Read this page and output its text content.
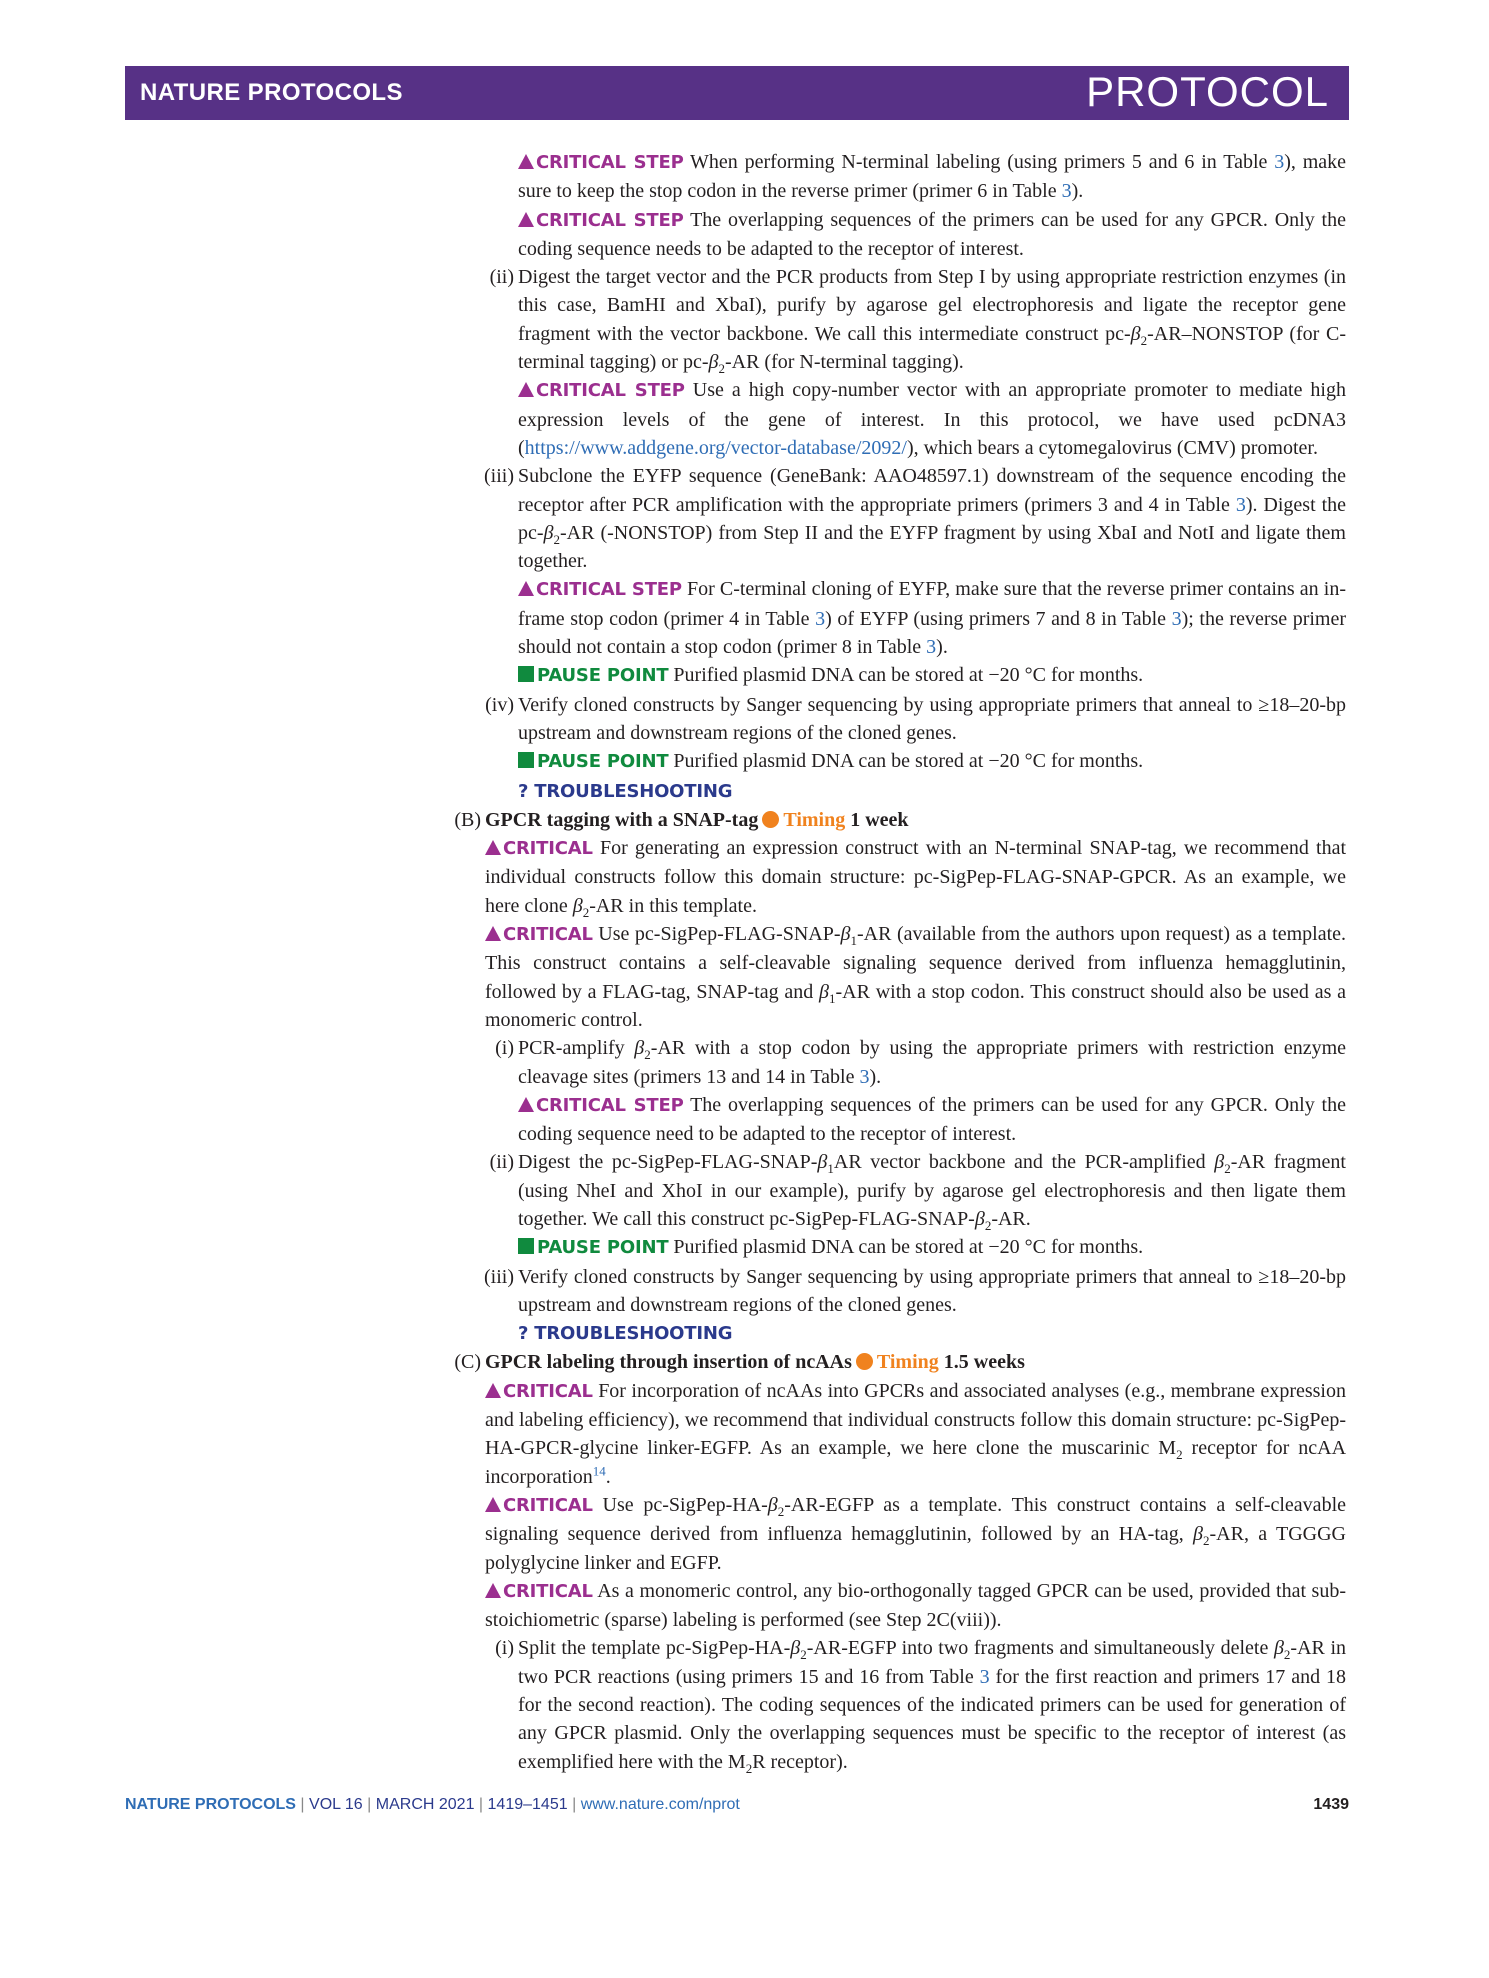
NATURE PROTOCOLS	PROTOCOL
CRITICAL STEP When performing N-terminal labeling (using primers 5 and 6 in Table 3), make sure to keep the stop codon in the reverse primer (primer 6 in Table 3).
CRITICAL STEP The overlapping sequences of the primers can be used for any GPCR. Only the coding sequence needs to be adapted to the receptor of interest.
(ii) Digest the target vector and the PCR products from Step I by using appropriate restriction enzymes (in this case, BamHI and XbaI), purify by agarose gel electrophoresis and ligate the receptor gene fragment with the vector backbone. We call this intermediate construct $pc-\beta_2-AR$–NONSTOP (for C-terminal tagging) or $pc-\beta_2-AR$ (for N-terminal tagging).
CRITICAL STEP Use a high copy-number vector with an appropriate promoter to mediate high expression levels of the gene of interest. In this protocol, we have used pcDNA3 (https://www.addgene.org/vector-database/2092/), which bears a cytomegalovirus (CMV) promoter.
(iii) Subclone the EYFP sequence (GeneBank: AAO48597.1) downstream of the sequence encoding the receptor after PCR amplification with the appropriate primers (primers 3 and 4 in Table 3). Digest the $pc-\beta_2-AR$ (-NONSTOP) from Step II and the EYFP fragment by using XbaI and NotI and ligate them together.
CRITICAL STEP For C-terminal cloning of EYFP, make sure that the reverse primer contains an in-frame stop codon (primer 4 in Table 3) of EYFP (using primers 7 and 8 in Table 3); the reverse primer should not contain a stop codon (primer 8 in Table 3).
PAUSE POINT Purified plasmid DNA can be stored at −20 °C for months.
(iv) Verify cloned constructs by Sanger sequencing by using appropriate primers that anneal to ≥18–20-bp upstream and downstream regions of the cloned genes.
PAUSE POINT Purified plasmid DNA can be stored at −20 °C for months.
? TROUBLESHOOTING
(B) GPCR tagging with a SNAP-tag Timing 1 week
CRITICAL For generating an expression construct with an N-terminal SNAP-tag, we recommend that individual constructs follow this domain structure: pc-SigPep-FLAG-SNAP-GPCR. As an example, we here clone $\beta_2-AR$ in this template.
CRITICAL Use $pc-SigPep-FLAG-SNAP-\beta_1-AR$ (available from the authors upon request) as a template. This construct contains a self-cleavable signaling sequence derived from influenza hemagglutinin, followed by a FLAG-tag, SNAP-tag and $\beta_1-AR$ with a stop codon. This construct should also be used as a monomeric control.
(i) PCR-amplify $\beta_2-AR$ with a stop codon by using the appropriate primers with restriction enzyme cleavage sites (primers 13 and 14 in Table 3).
CRITICAL STEP The overlapping sequences of the primers can be used for any GPCR. Only the coding sequence need to be adapted to the receptor of interest.
(ii) Digest the $pc-SigPep-FLAG-SNAP-\beta_1AR$ vector backbone and the PCR-amplified $\beta_2-AR$ fragment (using NheI and XhoI in our example), purify by agarose gel electrophoresis and then ligate them together. We call this construct $pc-SigPep-FLAG-SNAP-\beta_2-AR$.
PAUSE POINT Purified plasmid DNA can be stored at −20 °C for months.
(iii) Verify cloned constructs by Sanger sequencing by using appropriate primers that anneal to ≥18–20-bp upstream and downstream regions of the cloned genes.
? TROUBLESHOOTING
(C) GPCR labeling through insertion of ncAAs Timing 1.5 weeks
CRITICAL For incorporation of ncAAs into GPCRs and associated analyses (e.g., membrane expression and labeling efficiency), we recommend that individual constructs follow this domain structure: pc-SigPep-HA-GPCR-glycine linker-EGFP. As an example, we here clone the muscarinic $M_2$ receptor for ncAA incorporation$^{14}$.
CRITICAL Use $pc-SigPep-HA-\beta_2-AR$-EGFP as a template. This construct contains a self-cleavable signaling sequence derived from influenza hemagglutinin, followed by an HA-tag, $\beta_2-AR$, a TGGGG polyglycine linker and EGFP.
CRITICAL As a monomeric control, any bio-orthogonally tagged GPCR can be used, provided that sub-stoichiometric (sparse) labeling is performed (see Step 2C(viii)).
(i) Split the template $pc-SigPep-HA-\beta_2-AR$-EGFP into two fragments and simultaneously delete $\beta_2-AR$ in two PCR reactions (using primers 15 and 16 from Table 3 for the first reaction and primers 17 and 18 for the second reaction). The coding sequences of the indicated primers can be used for generation of any GPCR plasmid. Only the overlapping sequences must be specific to the receptor of interest (as exemplified here with the $M_2R$ receptor).
NATURE PROTOCOLS | VOL 16 | MARCH 2021 | 1419–1451 | www.nature.com/nprot	1439
